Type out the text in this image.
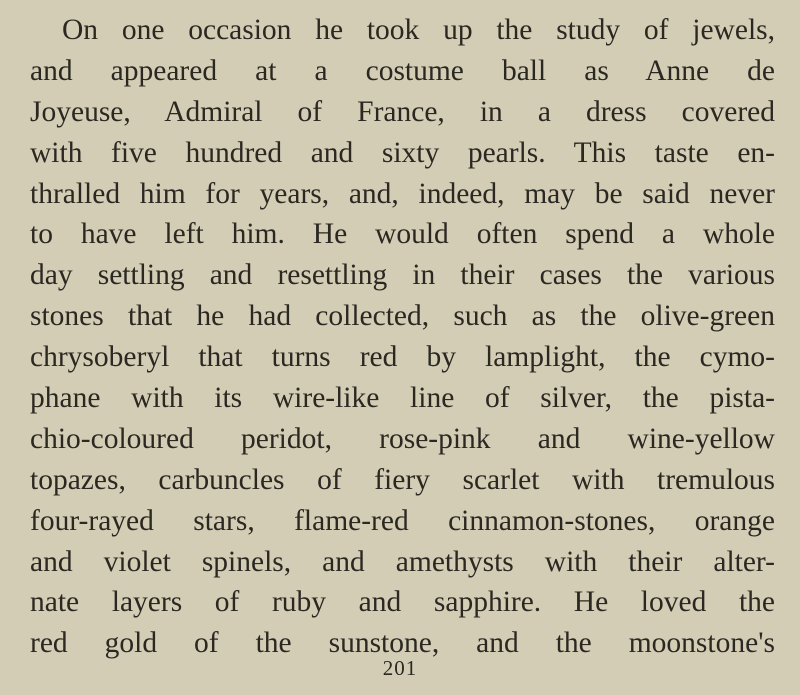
On one occasion he took up the study of jewels,
and appeared at a costume ball as Anne de
Joyeuse, Admiral of France, in a dress covered
with five hundred and sixty pearls. This taste en-
thralled him for years, and, indeed, may be said never
to have left him. He would often spend a whole
day settling and resettling in their cases the various
stones that he had collected, such as the olive-green
chrysoberyl that turns red by lamplight, the cymo-
phane with its wire-like line of silver, the pista-
chio-coloured peridot, rose-pink and wine-yellow
topazes, carbuncles of fiery scarlet with tremulous
four-rayed stars, flame-red cinnamon-stones, orange
and violet spinels, and amethysts with their alter-
nate layers of ruby and sapphire. He loved the
red gold of the sunstone, and the moonstone's
201
